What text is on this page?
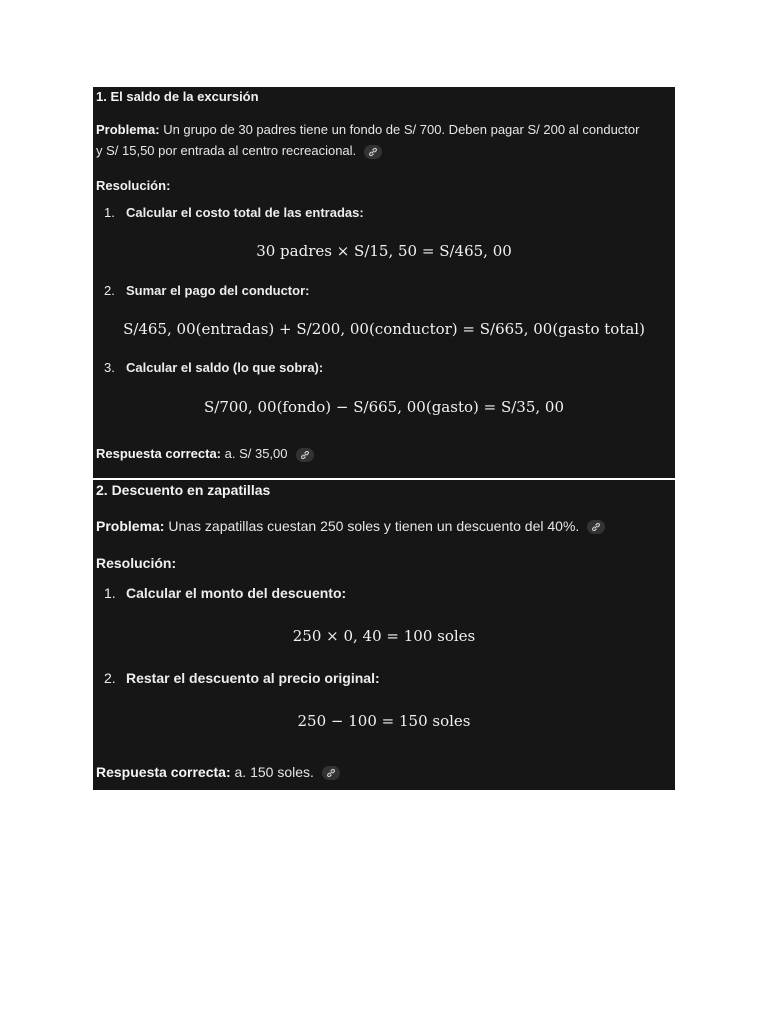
1. El saldo de la excursión
Problema: Un grupo de 30 padres tiene un fondo de S/ 700. Deben pagar S/ 200 al conductor
y S/ 15,50 por entrada al centro recreacional.
Resolución:
1. Calcular el costo total de las entradas:
30 padres × S/15, 50 = S/465, 00
2. Sumar el pago del conductor:
S/465, 00(entradas) + S/200, 00(conductor) = S/665, 00(gasto total)
3. Calcular el saldo (lo que sobra):
S/700, 00(fondo) − S/665, 00(gasto) = S/35, 00
Respuesta correcta: a. S/ 35,00
2. Descuento en zapatillas
Problema: Unas zapatillas cuestan 250 soles y tienen un descuento del 40%.
Resolución:
1. Calcular el monto del descuento:
250 × 0, 40 = 100 soles
2. Restar el descuento al precio original:
250 − 100 = 150 soles
Respuesta correcta: a. 150 soles.
